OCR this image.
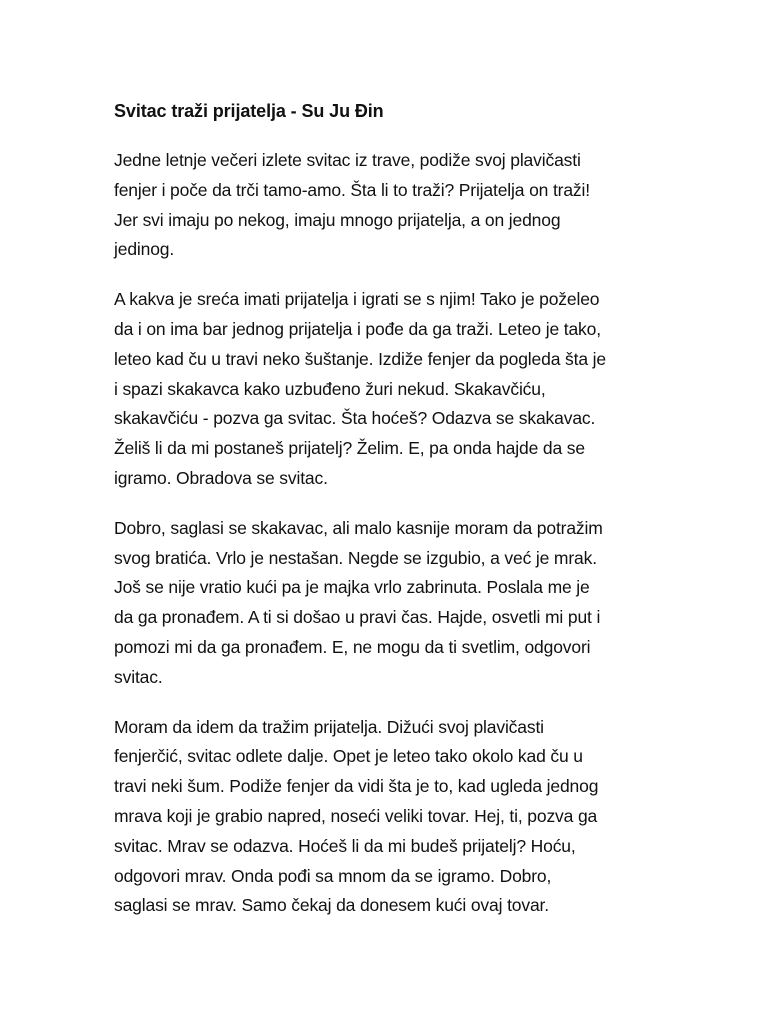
Svitac traži prijatelja - Su Ju Đin
Jedne letnje večeri izlete svitac iz trave, podiže svoj plavičasti
fenjer i poče da trči tamo-amo. Šta li to traži? Prijatelja on traži!
Jer svi imaju po nekog, imaju mnogo prijatelja, a on jednog
jedinog.
A kakva je sreća imati prijatelja i igrati se s njim! Tako je poželeo
da i on ima bar jednog prijatelja i pođe da ga traži. Leteo je tako,
leteo kad ču u travi neko šuštanje. Izdiže fenjer da pogleda šta je
i spazi skakavca kako uzbuđeno žuri nekud. Skakavčiću,
skakavčiću - pozva ga svitac. Šta hoćeš? Odazva se skakavac.
Želiš li da mi postaneš prijatelj? Želim. E, pa onda hajde da se
igramo. Obradova se svitac.
Dobro, saglasi se skakavac, ali malo kasnije moram da potražim
svog bratića. Vrlo je nestašan. Negde se izgubio, a već je mrak.
Još se nije vratio kući pa je majka vrlo zabrinuta. Poslala me je
da ga pronađem. A ti si došao u pravi čas. Hajde, osvetli mi put i
pomozi mi da ga pronađem. E, ne mogu da ti svetlim, odgovori
svitac.
Moram da idem da tražim prijatelja. Dižući svoj plavičasti
fenjerčić, svitac odlete dalje. Opet je leteo tako okolo kad ču u
travi neki šum. Podiže fenjer da vidi šta je to, kad ugleda jednog
mrava koji je grabio napred, noseći veliki tovar. Hej, ti, pozva ga
svitac. Mrav se odazva. Hoćeš li da mi budeš prijatelj? Hoću,
odgovori mrav. Onda pođi sa mnom da se igramo. Dobro,
saglasi se mrav. Samo čekaj da donesem kući ovaj tovar.
